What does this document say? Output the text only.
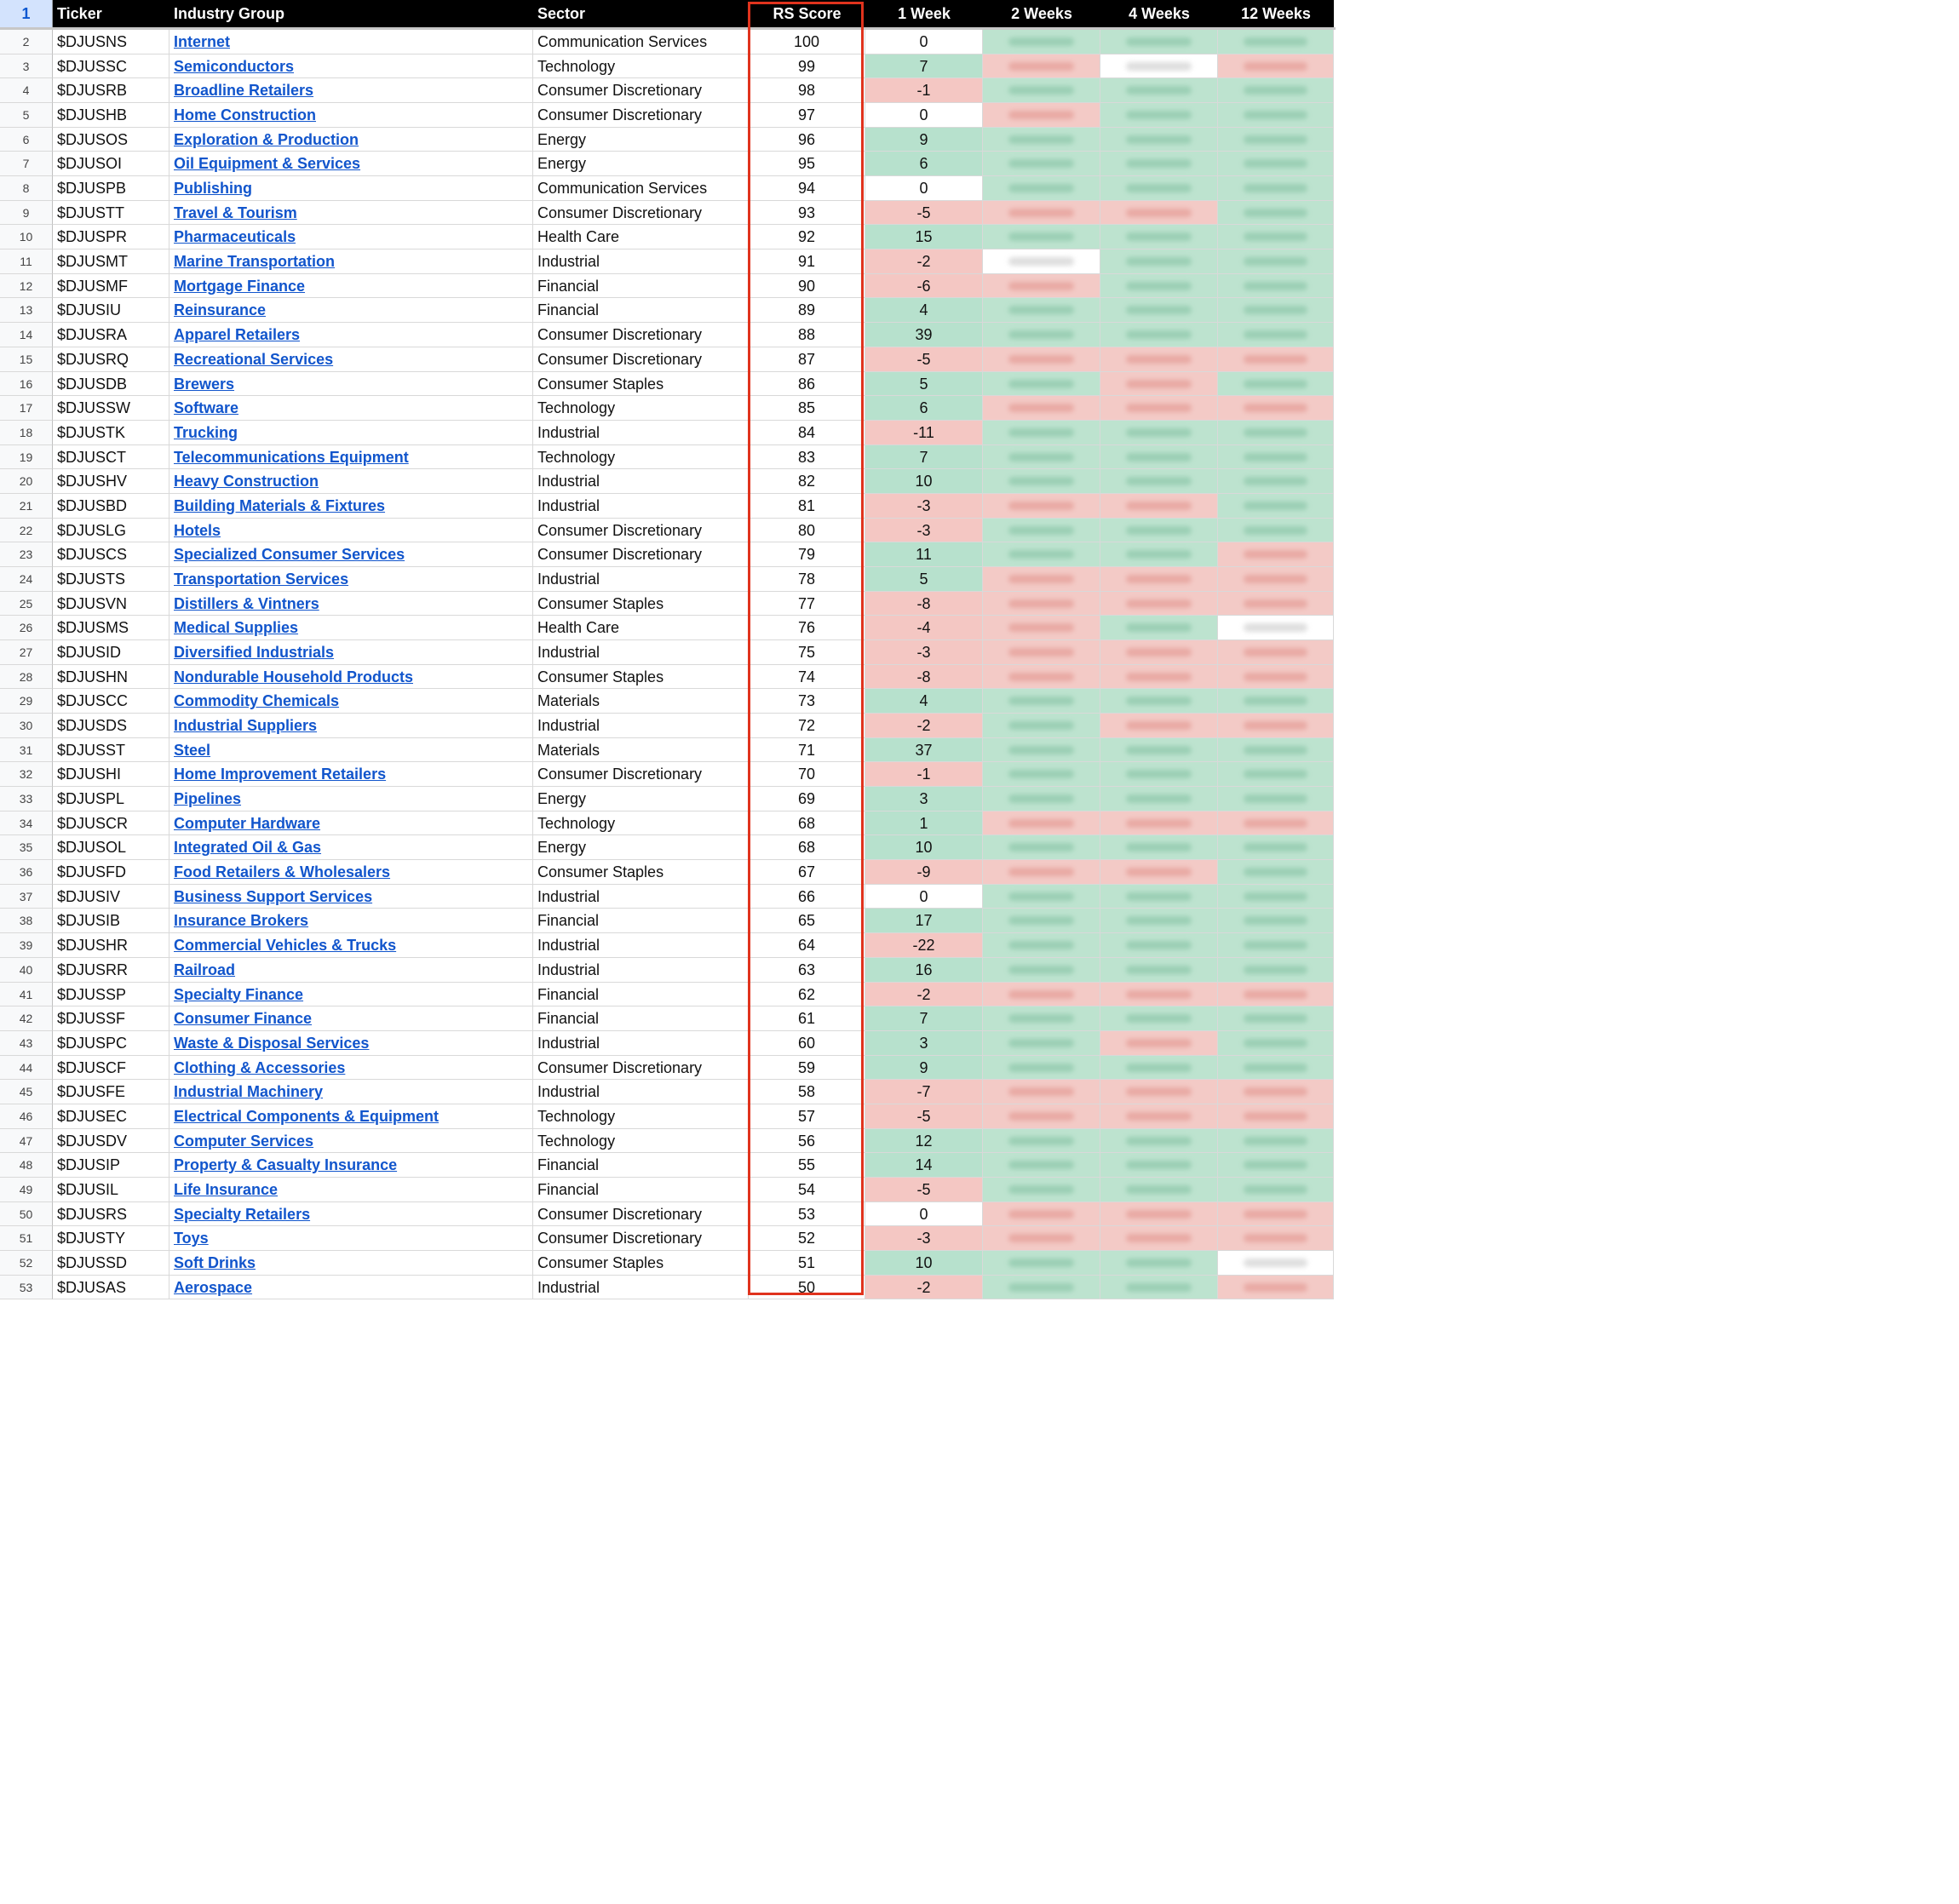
1	Ticker	Industry Group	Sector	RS Score	1 Week	2 Weeks	4 Weeks	12 Weeks
2	$DJUSNS	Internet	Communication Services	100	0
3	$DJUSSC	Semiconductors	Technology	99	7
4	$DJUSRB	Broadline Retailers	Consumer Discretionary	98	-1
5	$DJUSHB	Home Construction	Consumer Discretionary	97	0
6	$DJUSOS	Exploration & Production	Energy	96	9
7	$DJUSOI	Oil Equipment & Services	Energy	95	6
8	$DJUSPB	Publishing	Communication Services	94	0
9	$DJUSTT	Travel & Tourism	Consumer Discretionary	93	-5
10	$DJUSPR	Pharmaceuticals	Health Care	92	15
11	$DJUSMT	Marine Transportation	Industrial	91	-2
12	$DJUSMF	Mortgage Finance	Financial	90	-6
13	$DJUSIU	Reinsurance	Financial	89	4
14	$DJUSRA	Apparel Retailers	Consumer Discretionary	88	39
15	$DJUSRQ	Recreational Services	Consumer Discretionary	87	-5
16	$DJUSDB	Brewers	Consumer Staples	86	5
17	$DJUSSW	Software	Technology	85	6
18	$DJUSTK	Trucking	Industrial	84	-11
19	$DJUSCT	Telecommunications Equipment	Technology	83	7
20	$DJUSHV	Heavy Construction	Industrial	82	10
21	$DJUSBD	Building Materials & Fixtures	Industrial	81	-3
22	$DJUSLG	Hotels	Consumer Discretionary	80	-3
23	$DJUSCS	Specialized Consumer Services	Consumer Discretionary	79	11
24	$DJUSTS	Transportation Services	Industrial	78	5
25	$DJUSVN	Distillers & Vintners	Consumer Staples	77	-8
26	$DJUSMS	Medical Supplies	Health Care	76	-4
27	$DJUSID	Diversified Industrials	Industrial	75	-3
28	$DJUSHN	Nondurable Household Products	Consumer Staples	74	-8
29	$DJUSCC	Commodity Chemicals	Materials	73	4
30	$DJUSDS	Industrial Suppliers	Industrial	72	-2
31	$DJUSST	Steel	Materials	71	37
32	$DJUSHI	Home Improvement Retailers	Consumer Discretionary	70	-1
33	$DJUSPL	Pipelines	Energy	69	3
34	$DJUSCR	Computer Hardware	Technology	68	1
35	$DJUSOL	Integrated Oil & Gas	Energy	68	10
36	$DJUSFD	Food Retailers & Wholesalers	Consumer Staples	67	-9
37	$DJUSIV	Business Support Services	Industrial	66	0
38	$DJUSIB	Insurance Brokers	Financial	65	17
39	$DJUSHR	Commercial Vehicles & Trucks	Industrial	64	-22
40	$DJUSRR	Railroad	Industrial	63	16
41	$DJUSSP	Specialty Finance	Financial	62	-2
42	$DJUSSF	Consumer Finance	Financial	61	7
43	$DJUSPC	Waste & Disposal Services	Industrial	60	3
44	$DJUSCF	Clothing & Accessories	Consumer Discretionary	59	9
45	$DJUSFE	Industrial Machinery	Industrial	58	-7
46	$DJUSEC	Electrical Components & Equipment	Technology	57	-5
47	$DJUSDV	Computer Services	Technology	56	12
48	$DJUSIP	Property & Casualty Insurance	Financial	55	14
49	$DJUSIL	Life Insurance	Financial	54	-5
50	$DJUSRS	Specialty Retailers	Consumer Discretionary	53	0
51	$DJUSTY	Toys	Consumer Discretionary	52	-3
52	$DJUSSD	Soft Drinks	Consumer Staples	51	10
53	$DJUSAS	Aerospace	Industrial	50	-2
